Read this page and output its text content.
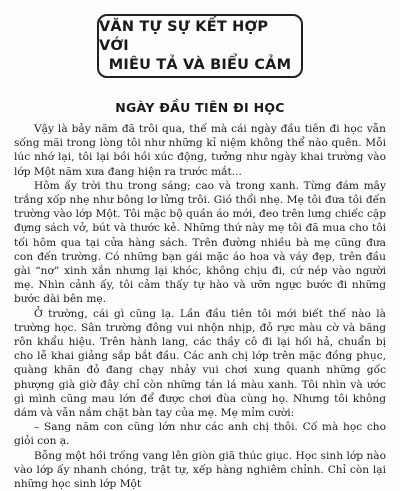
VĂN TỰ SỰ KẾT HỢP VỚI
MIÊU TẢ VÀ BIỂU CẢM
NGÀY ĐẦU TIÊN ĐI HỌC

Vậy là bảy năm đã trôi qua, thế mà cái ngày đầu tiên đi học vẫn sống mãi trong lòng tôi như những kỉ niệm không thể nào quên. Mỗi lúc nhớ lại, tôi lại bồi hồi xúc động, tưởng như ngày khai trường vào lớp Một năm xưa đang hiện ra trước mắt...

Hôm ấy trời thu trong sáng; cao và trong xanh. Từng đám mây trắng xốp nhẹ như bông lơ lửng trôi. Gió thổi nhẹ. Mẹ tôi đưa tôi đến trường vào lớp Một. Tôi mặc bộ quần áo mới, đeo trên lưng chiếc cặp đựng sách vở, bút và thước kẻ. Những thứ này mẹ tôi đã mua cho tôi tối hôm qua tại cửa hàng sách. Trên đường nhiều bà mẹ cũng đưa con đến trường. Có những bạn gái mặc áo hoa và váy đẹp, trên đầu gài “nơ” xinh xắn nhưng lại khóc, không chịu đi, cứ nép vào người mẹ. Nhìn cảnh ấy, tôi cảm thấy tự hào và ưỡn ngực bước đi những bước dài bên mẹ.

Ở trường, cái gì cũng lạ. Lần đầu tiên tôi mới biết thế nào là trường học. Sân trường đông vui nhộn nhịp, đỏ rực màu cờ và băng rôn khẩu hiệu. Trên hành lang, các thầy cô đi lại hối hả, chuẩn bị cho lễ khai giảng sắp bắt đầu. Các anh chị lớp trên mặc đồng phục, quàng khăn đỏ đang chạy nhảy vui chơi xung quanh những gốc phượng già giờ đây chỉ còn những tán lá màu xanh. Tôi nhìn và ước gì mình cũng mau lớn để được chơi đùa cùng họ. Nhưng tôi không dám và vẫn nắm chặt bàn tay của mẹ. Mẹ mỉm cười:

– Sang năm con cũng lớn như các anh chị thôi. Cố mà học cho giỏi con ạ.

Bỗng một hồi trống vang lên giòn giã thúc giục. Học sinh lớp nào vào lớp ấy nhanh chóng, trật tự, xếp hàng nghiêm chỉnh. Chỉ còn lại những học sinh lớp Một
